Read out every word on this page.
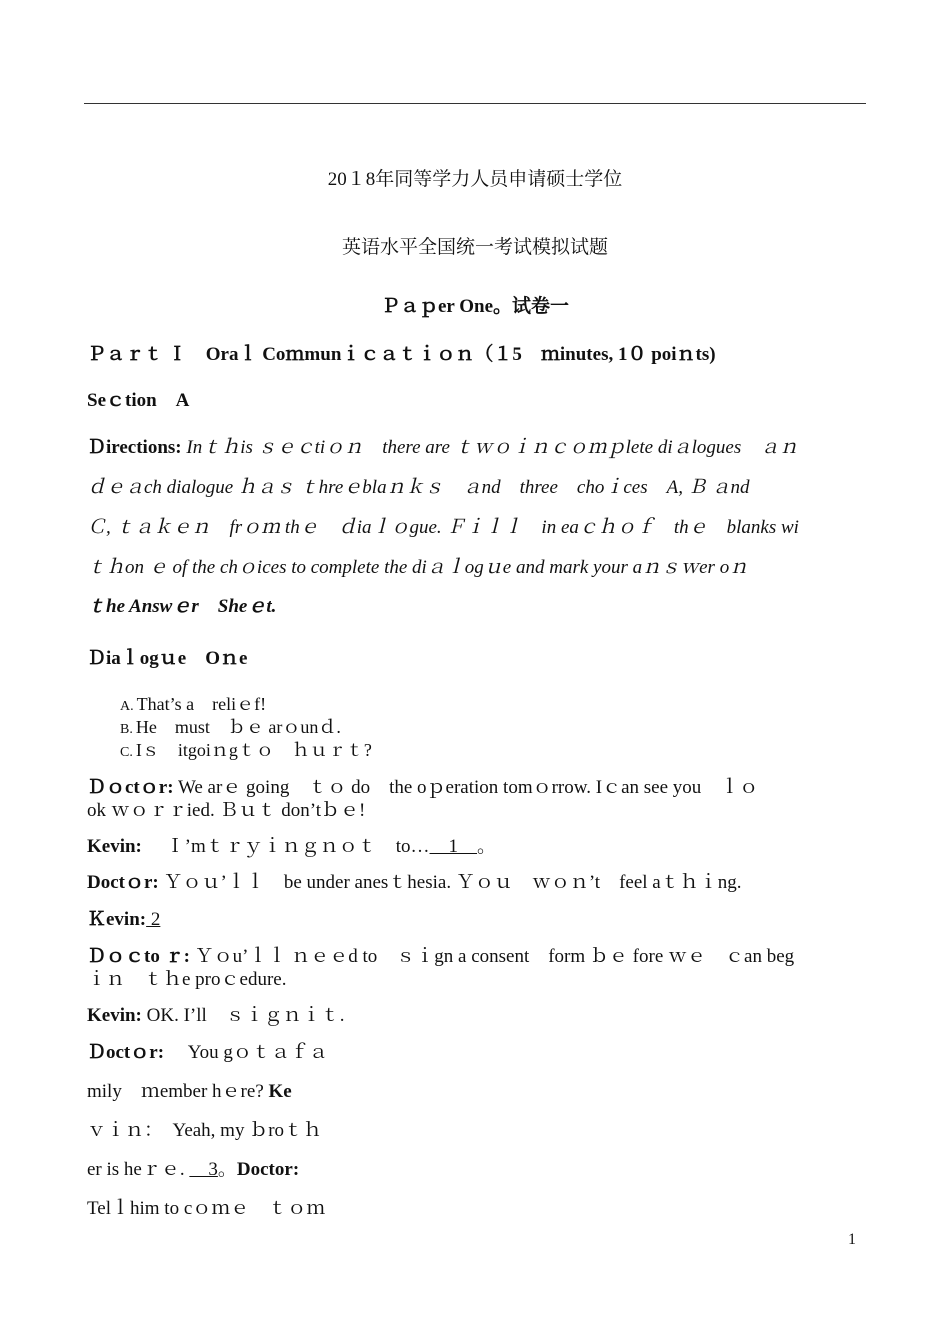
20１8年同等学力人员申请硕士学位
英语水平全国统一考试模拟试题
Ｐａｐer One。试卷一
Ｐａｒｔ Ｉ　Oraｌ Coｍmunｉｃａｔｉｏｎ（１5　ｍinutes, 1０ poiｎts)
Seｃtion　A
Ｄirections: Inｔｈis ｓｅｃtiｏｎ　there are ｔｗｏｉｎｃｏｍｐlete diａlogues　ａｎ
ｄｅａch dialogue ｈａｓ ｔhreｅblaｎｋｓ　ａnd　three　choｉces　A, Ｂ ａnd
Ｃ, ｔａｋｅｎ　frｏｍ thｅ　ｄiaｌｏgue. Ｆｉｌｌ　in eaｃｈｏｆ　thｅ　blanks wi
ｔｈon ｅ of the chｏices to complete the diａｌogｕe and mark your aｎｓｗer oｎ
ｔhe Answｅr　Sheｅt.
Ｄiaｌogｕe　Oｎe
A. That’s a　reliｅf!
B. He　must　ｂｅ arｏunｄ.
C. Iｓ　itgoiｎgｔｏ　ｈｕｒｔ?
Ｄｏctｏr: We arｅ going　ｔｏ do　the oｐeration tomｏrrow. Iｃan see you　ｌｏ
ok ｗｏｒｒied. Ｂｕｔ don’tｂｅ!
Kevin: 　Ｉ’mｔｒｙｉｎｇｎｏｔ　to…　1　。
Doctｏr: Ｙｏｕ’ｌｌ　be under anesｔhesia. Ｙｏｕ　ｗｏｎ’t　feel aｔｈｉng.
Ｋevin: 2
Ｄｏｃto ｒ: Ｙｏu’ｌｌ ｎｅｅd to　ｓｉgn a consent　form ｂｅ fore ｗｅ　ｃan beg
ｉｎ　ｔｈe proｃedure.
Kevin: OK. I’ll　ｓｉｇｎｉｔ.
Ｄoctｏr: 　You gｏｔａｆａ
mily　ｍember hｅre? Ke
ｖｉｎ：　Yeah, my ｂroｔｈ
er is heｒｅ. 　3。Doctor:
Telｌhim to cｏｍｅ　ｔｏｍ
1
